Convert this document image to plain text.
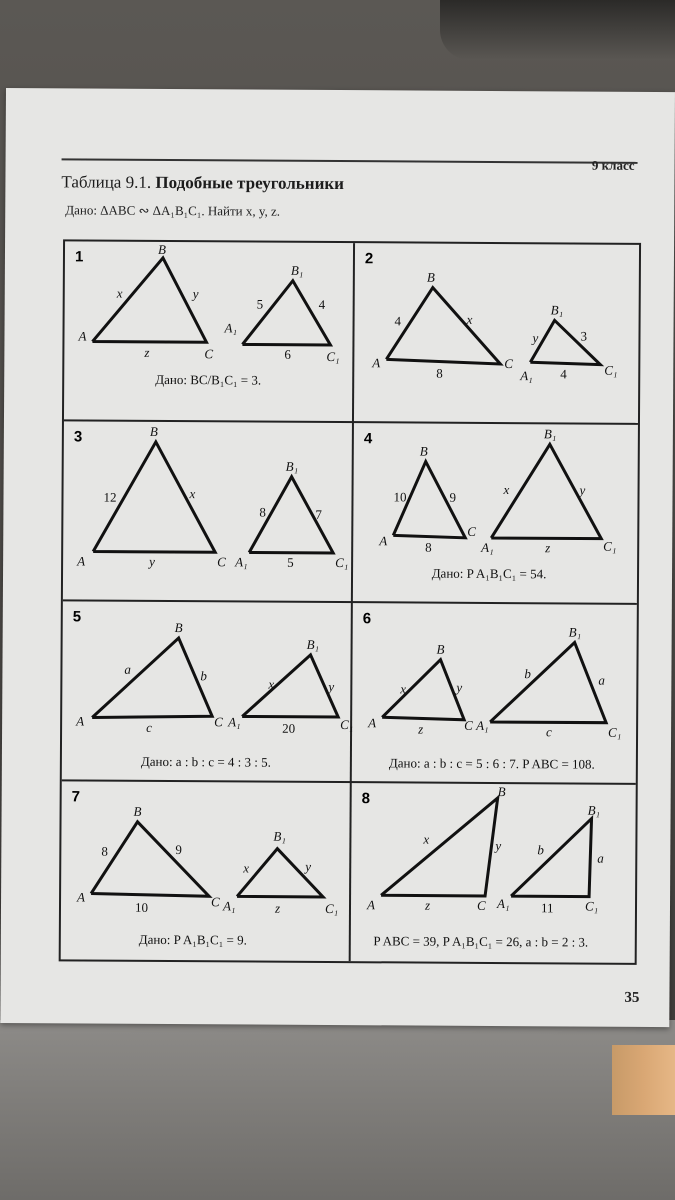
9 класс
Таблица 9.1. Подобные треугольники
Дано: ΔABC ∾ ΔA₁B₁C₁. Найти x, y, z.
1
A
B
C
x	y
z
A₁
B₁
C₁
5	4
6
Дано: BC/B₁C₁ = 3.
2
A
B
C
4	x
8	A₁
B₁
C₁
y	3
4
3
A
B
C
12	x
y	A₁
B₁
C₁
8	7
5
4
A
B
C
10	9
8	A₁
B₁
C₁
x	y
z
Дано: P A₁B₁C₁ = 54.
5
A
B
C
a	b
c	A₁
B₁
C₁
x	y
20
Дано: a : b : c = 4 : 3 : 5.
6
A
B
C
x	y
z	A₁
B₁
C₁
b	a
c
Дано: a : b : c = 5 : 6 : 7. P ABC = 108.
7
A
B
C
8	9
10	A₁
B₁
C₁
x	y
z
Дано: P A₁B₁C₁ = 9.
8
A
B
C
x	y
z	A₁
B₁
C₁
b
a
11
P ABC = 39, P A₁B₁C₁ = 26, a : b = 2 : 3.
35
